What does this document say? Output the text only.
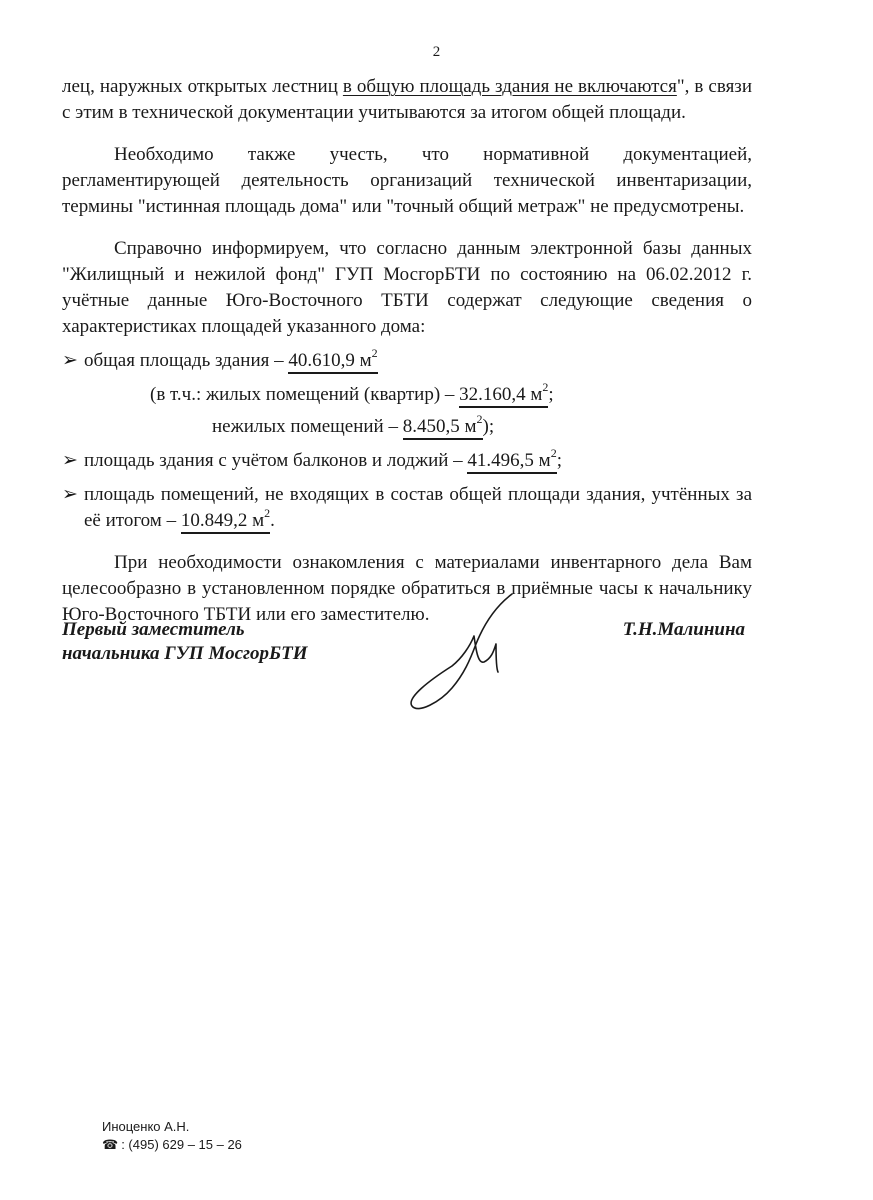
2

лец, наружных открытых лестниц в общую площадь здания не включаются", в связи с этим в технической документации учитываются за итогом общей площади.

Необходимо также учесть, что нормативной документацией, регламентирующей деятельность организаций технической инвентаризации, термины "истинная площадь дома" или "точный общий метраж" не предусмотрены.

Справочно информируем, что согласно данным электронной базы данных "Жилищный и нежилой фонд" ГУП МосгорБТИ по состоянию на 06.02.2012 г. учётные данные Юго-Восточного ТБТИ содержат следующие сведения о характеристиках площадей указанного дома:

➢ общая площадь здания – 40.610,9 $м^2$

(в т.ч.: жилых помещений (квартир) – 32.160,4 $м^2$;

нежилых помещений – 8.450,5 $м^2$);

➢ площадь здания с учётом балконов и лоджий – 41.496,5 $м^2$;

➢ площадь помещений, не входящих в состав общей площади здания, учтённых за её итогом – 10.849,2 $м^2$.

При необходимости ознакомления с материалами инвентарного дела Вам целесообразно в установленном порядке обратиться в приёмные часы к начальнику Юго-Восточного ТБТИ или его заместителю.

Первый заместитель
начальника ГУП МосгорБТИ
Т.Н.Малинина
Иноценко А.Н.
☎ : (495) 629 – 15 – 26
